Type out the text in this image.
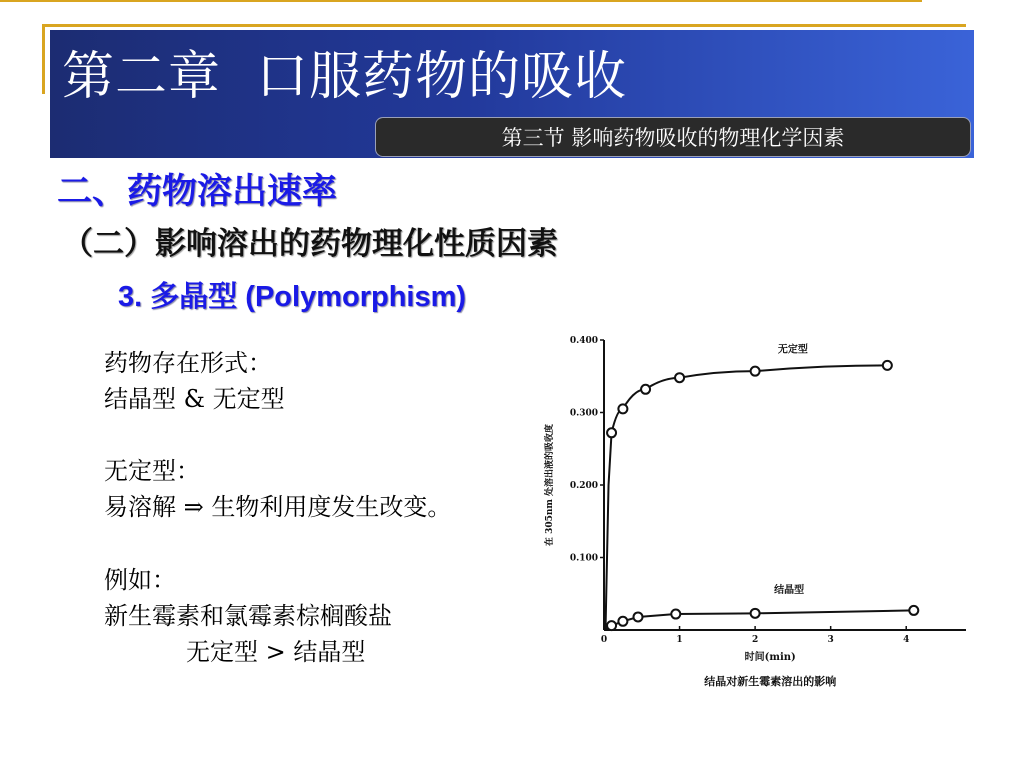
第二章  口服药物的吸收
第三节 影响药物吸收的物理化学因素
二、药物溶出速率
（二）影响溶出的药物理化性质因素
3. 多晶型 (Polymorphism)

药物存在形式：

结晶型 & 无定型

无定型：

易溶解 ⇒ 生物利用度发生改变。

例如：

新生霉素和氯霉素棕榈酸盐

无定型 > 结晶型

0.100
0.200
0.300
0.400
0	1	2	3	4
无定型
结晶型
时间(min)
在 305nm 处溶出液的吸收度
结晶对新生霉素溶出的影响
